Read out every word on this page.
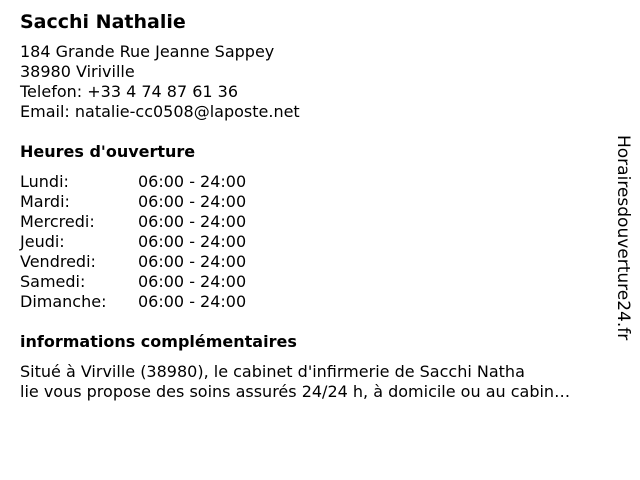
Sacchi Nathalie
184 Grande Rue Jeanne Sappey
38980 Viriville
Telefon: +33 4 74 87 61 36
Email: natalie-cc0508@laposte.net
Heures d'ouverture
Lundi:	06:00 - 24:00
Mardi:	06:00 - 24:00
Mercredi:	06:00 - 24:00
Jeudi:	06:00 - 24:00
Vendredi:	06:00 - 24:00
Samedi:	06:00 - 24:00
Dimanche:	06:00 - 24:00
informations complémentaires
Situé à Virville (38980), le cabinet d'infirmerie de Sacchi Natha
lie vous propose des soins assurés 24/24 h, à domicile ou au cabin…
Horairesdouverture24.fr
